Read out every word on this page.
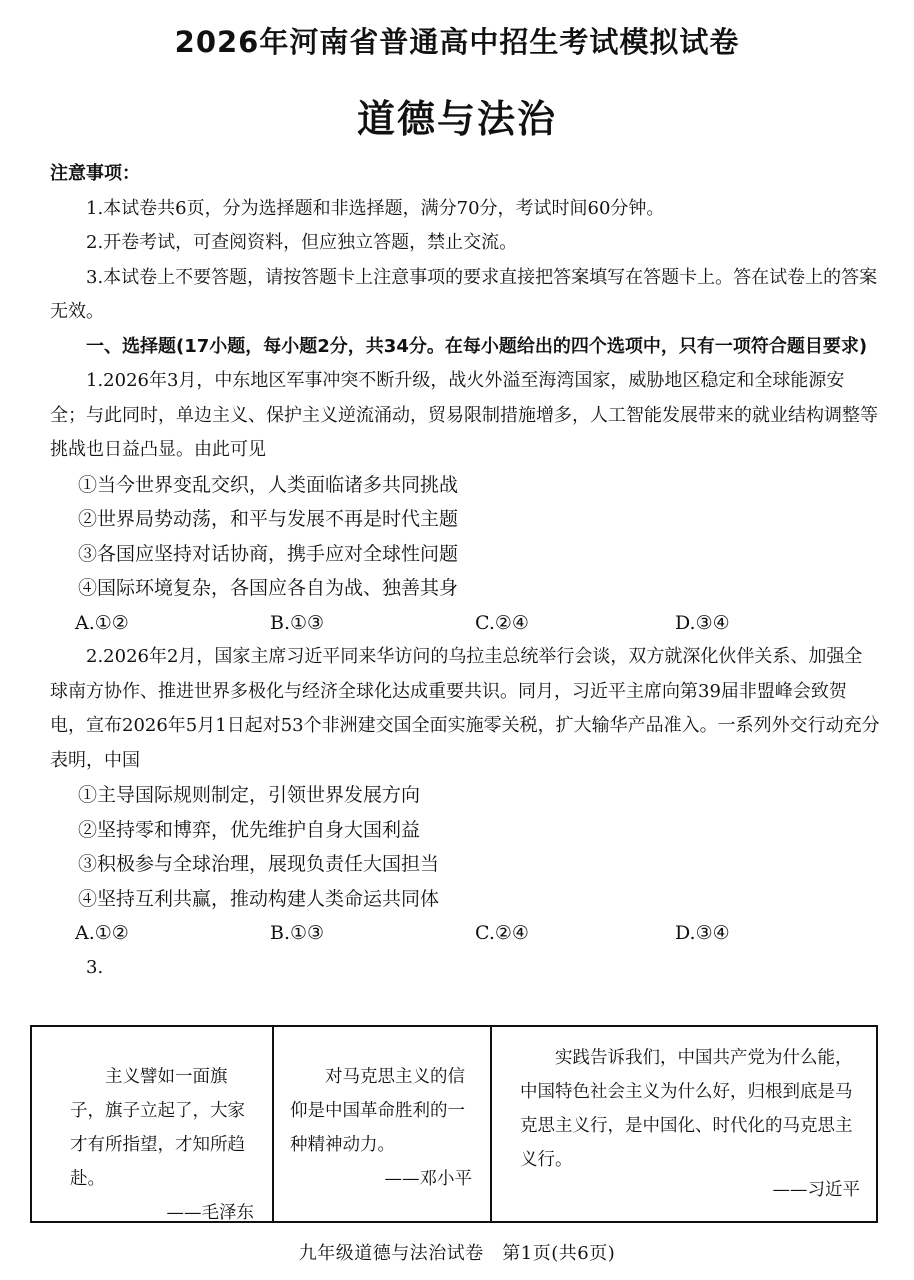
2026年河南省普通高中招生考试模拟试卷
道德与法治

注意事项：

1.本试卷共6页，分为选择题和非选择题，满分70分，考试时间60分钟。

2.开卷考试，可查阅资料，但应独立答题，禁止交流。

3.本试卷上不要答题，请按答题卡上注意事项的要求直接把答案填写在答题卡上。答在试卷上的答案无效。

一、选择题(17小题，每小题2分，共34分。在每小题给出的四个选项中，只有一项符合题目要求)

1.2026年3月，中东地区军事冲突不断升级，战火外溢至海湾国家，威胁地区稳定和全球能源安全；与此同时，单边主义、保护主义逆流涌动，贸易限制措施增多，人工智能发展带来的就业结构调整等挑战也日益凸显。由此可见

①当今世界变乱交织，人类面临诸多共同挑战

②世界局势动荡，和平与发展不再是时代主题

③各国应坚持对话协商，携手应对全球性问题

④国际环境复杂，各国应各自为战、独善其身

A.①②	B.①③	C.②④	D.③④

2.2026年2月，国家主席习近平同来华访问的乌拉圭总统举行会谈，双方就深化伙伴关系、加强全球南方协作、推进世界多极化与经济全球化达成重要共识。同月，习近平主席向第39届非盟峰会致贺电，宣布2026年5月1日起对53个非洲建交国全面实施零关税，扩大输华产品准入。一系列外交行动充分表明，中国

①主导国际规则制定，引领世界发展方向

②坚持零和博弈，优先维护自身大国利益

③积极参与全球治理，展现负责任大国担当

④坚持互利共赢，推动构建人类命运共同体

A.①②	B.①③	C.②④	D.③④

3.

主义譬如一面旗子，旗子立起了，大家才有所指望，才知所趋赴。
——毛泽东
对马克思主义的信仰是中国革命胜利的一种精神动力。
——邓小平
实践告诉我们，中国共产党为什么能，中国特色社会主义为什么好，归根到底是马克思主义行，是中国化、时代化的马克思主义行。
——习近平
九年级道德与法治试卷　第1页(共6页)
